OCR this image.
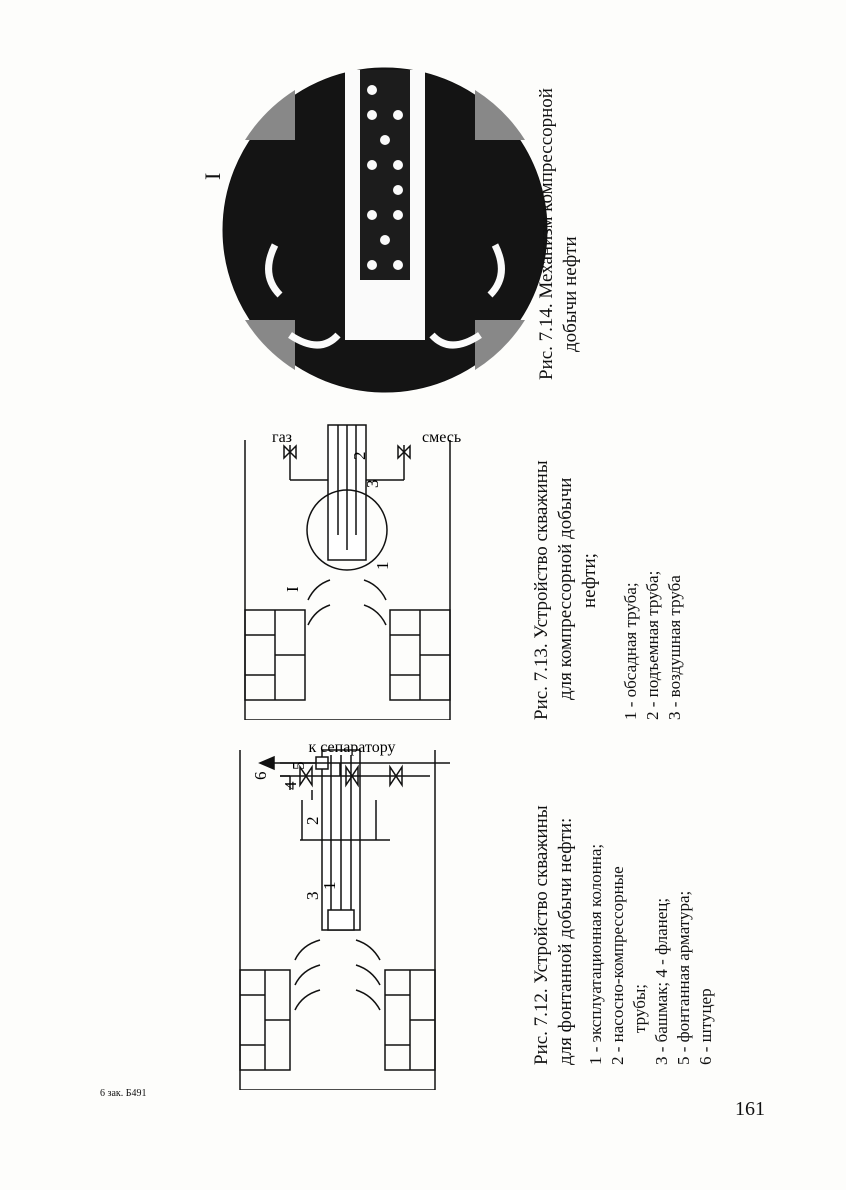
к сепаратору
1
2
3
4
5
6
газ	смесь
1
2
3
I
I
Рис. 7.12. Устройство скважины для фонтанной добычи нефти: 1 - эксплуатационная колонна; 2 - насосно-компрессорные трубы; 3 - башмак; 4 - фланец; 5 - фонтанная арматура; 6 - штуцер
Рис. 7.13. Устройство скважины для компрессорной добычи нефти;
1 - обсадная труба; 2 - подъемная труба; 3 - воздушная труба
Рис. 7.14. Механизм компрессорной добычи нефти
6 зак. Б491
161
